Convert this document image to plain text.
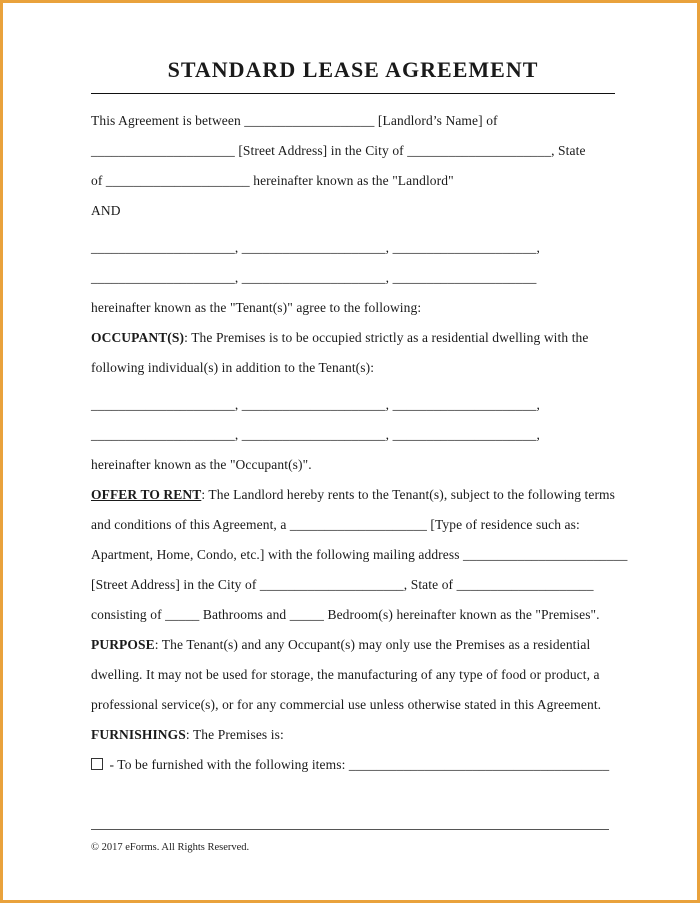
STANDARD LEASE AGREEMENT
This Agreement is between ___________________ [Landlord’s Name] of
_____________________ [Street Address] in the City of _____________________, State
of _____________________ hereinafter known as the "Landlord"
AND
_____________________, _____________________, _____________________,
_____________________, _____________________, _____________________
hereinafter known as the "Tenant(s)" agree to the following:
OCCUPANT(S): The Premises is to be occupied strictly as a residential dwelling with the
following individual(s) in addition to the Tenant(s):
_____________________, _____________________, _____________________,
_____________________, _____________________, _____________________,
hereinafter known as the "Occupant(s)".
OFFER TO RENT: The Landlord hereby rents to the Tenant(s), subject to the following terms
and conditions of this Agreement, a ____________________ [Type of residence such as:
Apartment, Home, Condo, etc.] with the following mailing address ________________________
[Street Address] in the City of _____________________, State of ____________________
consisting of _____ Bathrooms and _____ Bedroom(s) hereinafter known as the "Premises".
PURPOSE: The Tenant(s) and any Occupant(s) may only use the Premises as a residential
dwelling. It may not be used for storage, the manufacturing of any type of food or product, a
professional service(s), or for any commercial use unless otherwise stated in this Agreement.
FURNISHINGS: The Premises is:
- To be furnished with the following items: ______________________________________

© 2017 eForms. All Rights Reserved.
